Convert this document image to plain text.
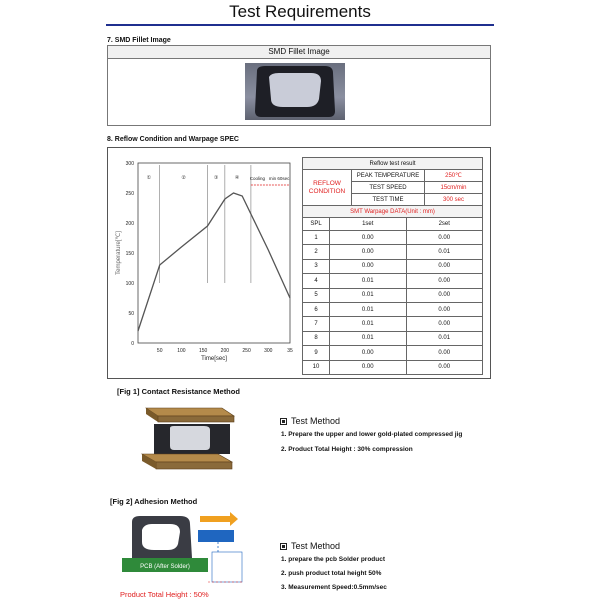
Test Requirements
7. SMD Fillet Image
SMD Fillet Image
8. Reflow Condition and Warpage SPEC
300
250
200
150
100
50
0
50	100	150	200	250	300	35
Temperature[℃]
Time[sec]
①	②	③	④ Cooling min 60sec
Reflow test result		
REFLOW CONDITION	PEAK TEMPERATURE	250℃
	TEST SPEED	15cm/min
	TEST TIME	300 sec
SMT Warpage DATA(Unit : mm)		
SPL	1set	2set
1	0.00	0.00
2	0.00	0.01
3	0.00	0.00
4	0.01	0.00
5	0.01	0.00
6	0.01	0.00
7	0.01	0.00
8	0.01	0.01
9	0.00	0.00
10	0.00	0.00
[Fig 1] Contact Resistance Method
Test Method
1. Prepare the upper and lower gold-plated compressed jig
2. Product Total Height : 30% compression
[Fig 2] Adhesion Method
PCB (After Solder)
Product Total Height : 50%
Test Method
1. prepare the pcb Solder product
2. push product total height 50%
3. Measurement Speed:0.5mm/sec
